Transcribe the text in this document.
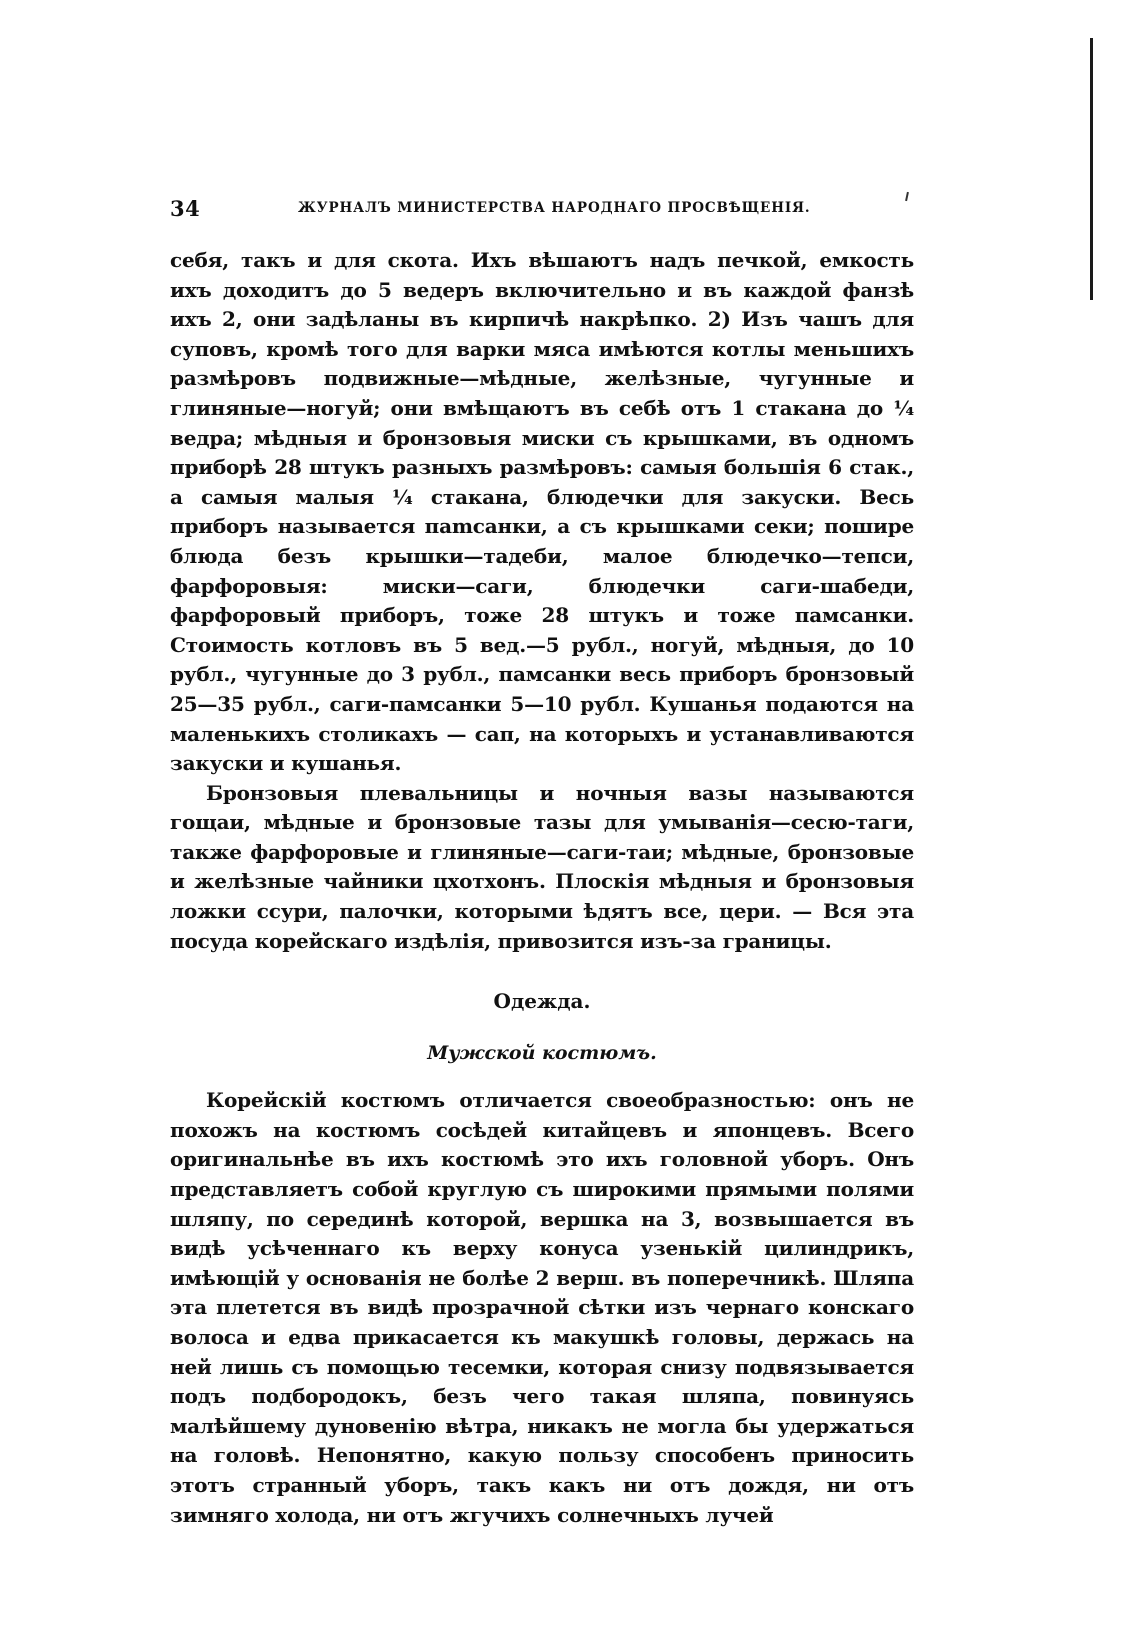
34	ЖУРНАЛЪ МИНИСТЕРСТВА НАРОДНАГО ПРОСВѢЩЕНІЯ.

себя, такъ и для скота. Ихъ вѣшаютъ надъ печкой, емкость ихъ доходитъ до 5 ведеръ включительно и въ каждой фанзѣ ихъ 2, они задѣланы въ кирпичѣ накрѣпко. 2) Изъ чашъ для суповъ, кромѣ того для варки мяса имѣются котлы меньшихъ размѣровъ подвижные—мѣдные, желѣзные, чугунные и глиняные—ногуй; они вмѣщаютъ въ себѣ отъ 1 стакана до ¼ ведра; мѣдныя и бронзовыя миски съ крышками, въ одномъ приборѣ 28 штукъ разныхъ размѣровъ: самыя большія 6 стак., а самыя малыя ¼ стакана, блюдечки для закуски. Весь приборъ называется пamсанки, а съ крышками секи; пошире блюда безъ крышки—тадеби, малое блюдечко—тепси, фарфоровыя: миски—саги, блюдечки саги-шабеди, фарфоровый приборъ, тоже 28 штукъ и тоже памсанки. Стоимость котловъ въ 5 вед.—5 рубл., ногуй, мѣдныя, до 10 рубл., чугунные до 3 рубл., памсанки весь приборъ бронзовый 25—35 рубл., саги-памсанки 5—10 рубл. Кушанья подаются на маленькихъ столикахъ — сап, на которыхъ и устанавливаются закуски и кушанья.

Бронзовыя плевальницы и ночныя вазы называются гощаи, мѣдные и бронзовые тазы для умыванія—сесю-таги, также фарфоровые и глиняные—саги-таи; мѣдные, бронзовые и желѣзные чайники цхотхонъ. Плоскія мѣдныя и бронзовыя ложки ссури, палочки, которыми ѣдятъ все, цери. — Вся эта посуда корейскаго издѣлія, привозится изъ-за границы.

Одежда.
Мужской костюмъ.

Корейскій костюмъ отличается своеобразностью: онъ не похожъ на костюмъ сосѣдей китайцевъ и японцевъ. Всего оригинальнѣе въ ихъ костюмѣ это ихъ головной уборъ. Онъ представляетъ собой круглую съ широкими прямыми полями шляпу, по серединѣ которой, вершка на 3, возвышается въ видѣ усѣченнаго къ верху конуса узенькій цилиндрикъ, имѣющій у основанія не болѣе 2 верш. въ поперечникѣ. Шляпа эта плетется въ видѣ прозрачной сѣтки изъ чернаго конскаго волоса и едва прикасается къ макушкѣ головы, держась на ней лишь съ помощью тесемки, которая снизу подвязывается подъ подбородокъ, безъ чего такая шляпа, повинуясь малѣйшему дуновенію вѣтра, никакъ не могла бы удержаться на головѣ. Непонятно, какую пользу способенъ приносить этотъ странный уборъ, такъ какъ ни отъ дождя, ни отъ зимняго холода, ни отъ жгучихъ солнечныхъ лучей
